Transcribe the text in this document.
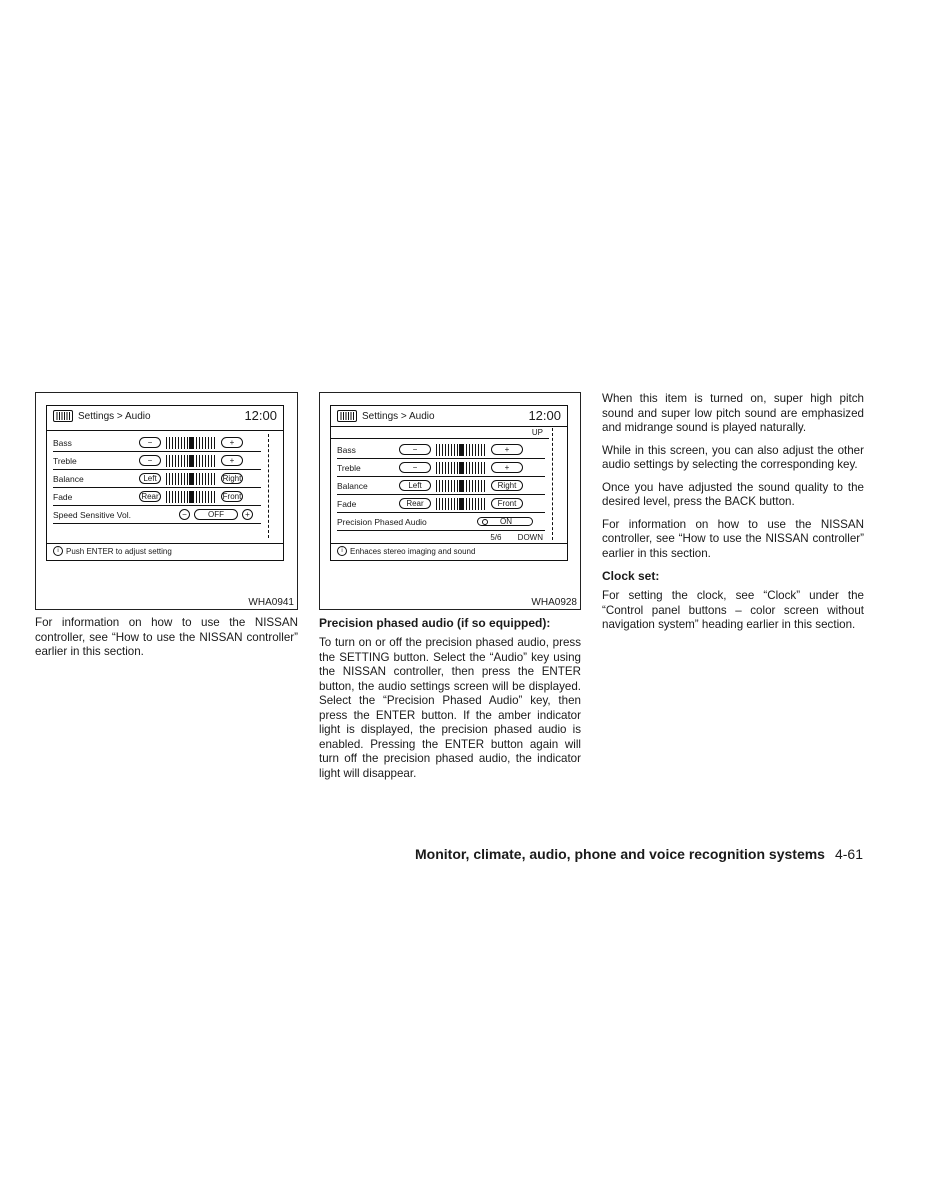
Settings > Audio	12:00
Bass	−	+
Treble	−	+
Balance	Left	Right
Fade	Rear	Front
Speed Sensitive Vol.	−	OFF	+
i Push ENTER to adjust setting
WHA0941

For information on how to use the NISSAN controller, see “How to use the NISSAN controller” earlier in this section.

Settings > Audio	12:00
UP
Bass	−	+
Treble	−	+
Balance	Left	Right
Fade	Rear	Front
Precision Phased Audio	ON
5/6 DOWN
i Enhaces stereo imaging and sound
WHA0928
Precision phased audio (if so equipped):

To turn on or off the precision phased audio, press the SETTING button. Select the “Audio” key using the NISSAN controller, then press the ENTER button, the audio settings screen will be displayed. Select the “Precision Phased Audio” key, then press the ENTER button. If the amber indicator light is displayed, the precision phased audio is enabled. Pressing the ENTER button again will turn off the precision phased audio, the indicator light will disappear.

When this item is turned on, super high pitch sound and super low pitch sound are emphasized and midrange sound is played naturally.

While in this screen, you can also adjust the other audio settings by selecting the corresponding key.

Once you have adjusted the sound quality to the desired level, press the BACK button.

For information on how to use the NISSAN controller, see “How to use the NISSAN controller” earlier in this section.

Clock set:

For setting the clock, see “Clock” under the “Control panel buttons – color screen without navigation system” heading earlier in this section.

Monitor, climate, audio, phone and voice recognition systems 4-61
